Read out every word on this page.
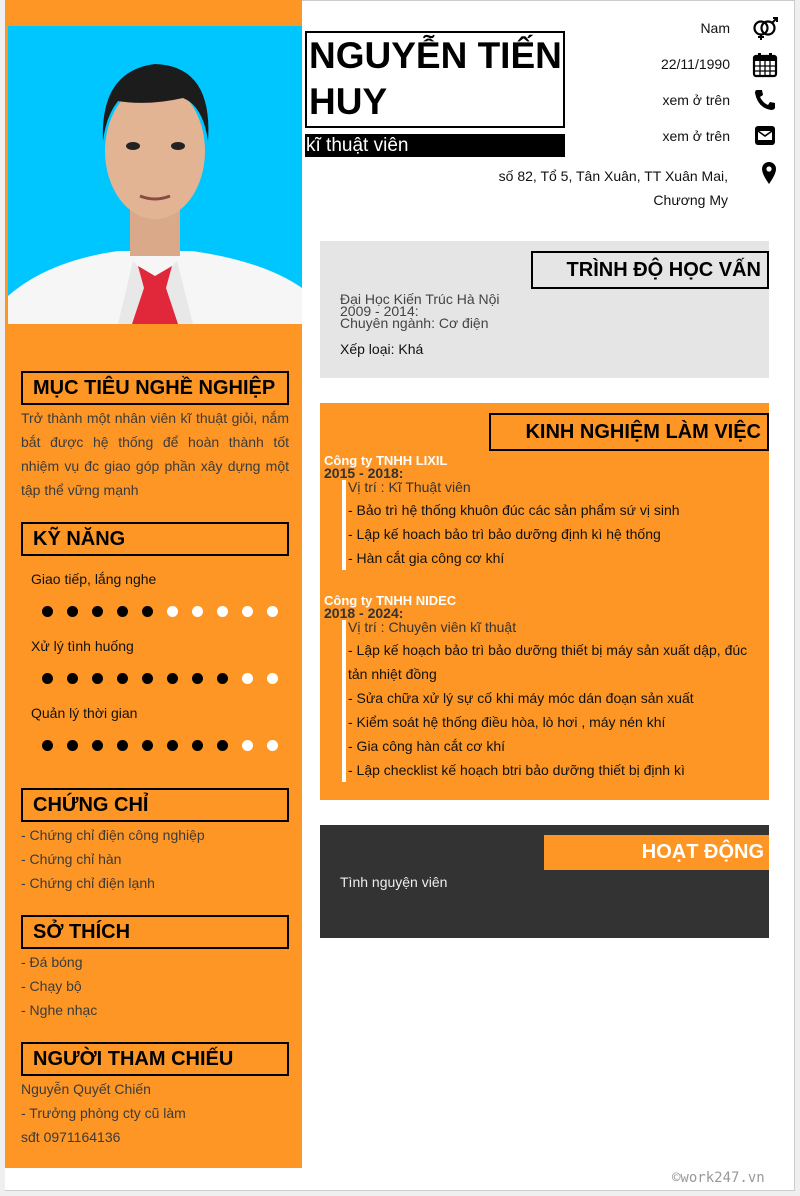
NGUYỄN TIẾN HUY
kĩ thuật viên
Nam
22/11/1990
xem ở trên
xem ở trên
số 82, Tổ 5, Tân Xuân, TT Xuân Mai, Chương My
MỤC TIÊU NGHỀ NGHIỆP
Trở thành một nhân viên kĩ thuật giỏi, nắm bắt được hệ thống để hoàn thành tốt nhiệm vụ đc giao góp phần xây dựng một tập thể vững mạnh
KỸ NĂNG
Giao tiếp, lắng nghe
Xử lý tình huống
Quản lý thời gian
CHỨNG CHỈ
- Chứng chỉ điện công nghiệp
- Chứng chỉ hàn
- Chứng chỉ điện lạnh
SỞ THÍCH
- Đá bóng
- Chạy bộ
- Nghe nhạc
NGƯỜI THAM CHIẾU
Nguyễn Quyết Chiến
- Trưởng phòng cty cũ làm
sđt 0971164136
TRÌNH ĐỘ HỌC VẤN
Đại Học Kiến Trúc Hà Nội
2009 - 2014:
Chuyên ngành: Cơ điện
Xếp loại: Khá
KINH NGHIỆM LÀM VIỆC
Công ty TNHH LIXIL
2015 - 2018:
Vị trí : Kĩ Thuật viên
- Bảo trì hệ thống khuôn đúc các sản phẩm sứ vị sinh
- Lập kế hoach bảo trì bảo dưỡng định kì hệ thống
- Hàn cắt gia công cơ khí
Công ty TNHH NIDEC
2018 - 2024:
Vị trí : Chuyên viên kĩ thuật
- Lập kế hoạch bảo trì bảo dưỡng thiết bị máy sản xuất dập, đúc tản nhiệt đồng
- Sửa chữa xử lý sự cố khi máy móc dán đoạn sản xuất
- Kiểm soát hệ thống điều hòa, lò hơi , máy nén khí
- Gia công hàn cắt cơ khí
- Lập checklist kế hoạch btri bảo dưỡng thiết bị định kì
HOẠT ĐỘNG
Tình nguyện viên
©work247.vn
